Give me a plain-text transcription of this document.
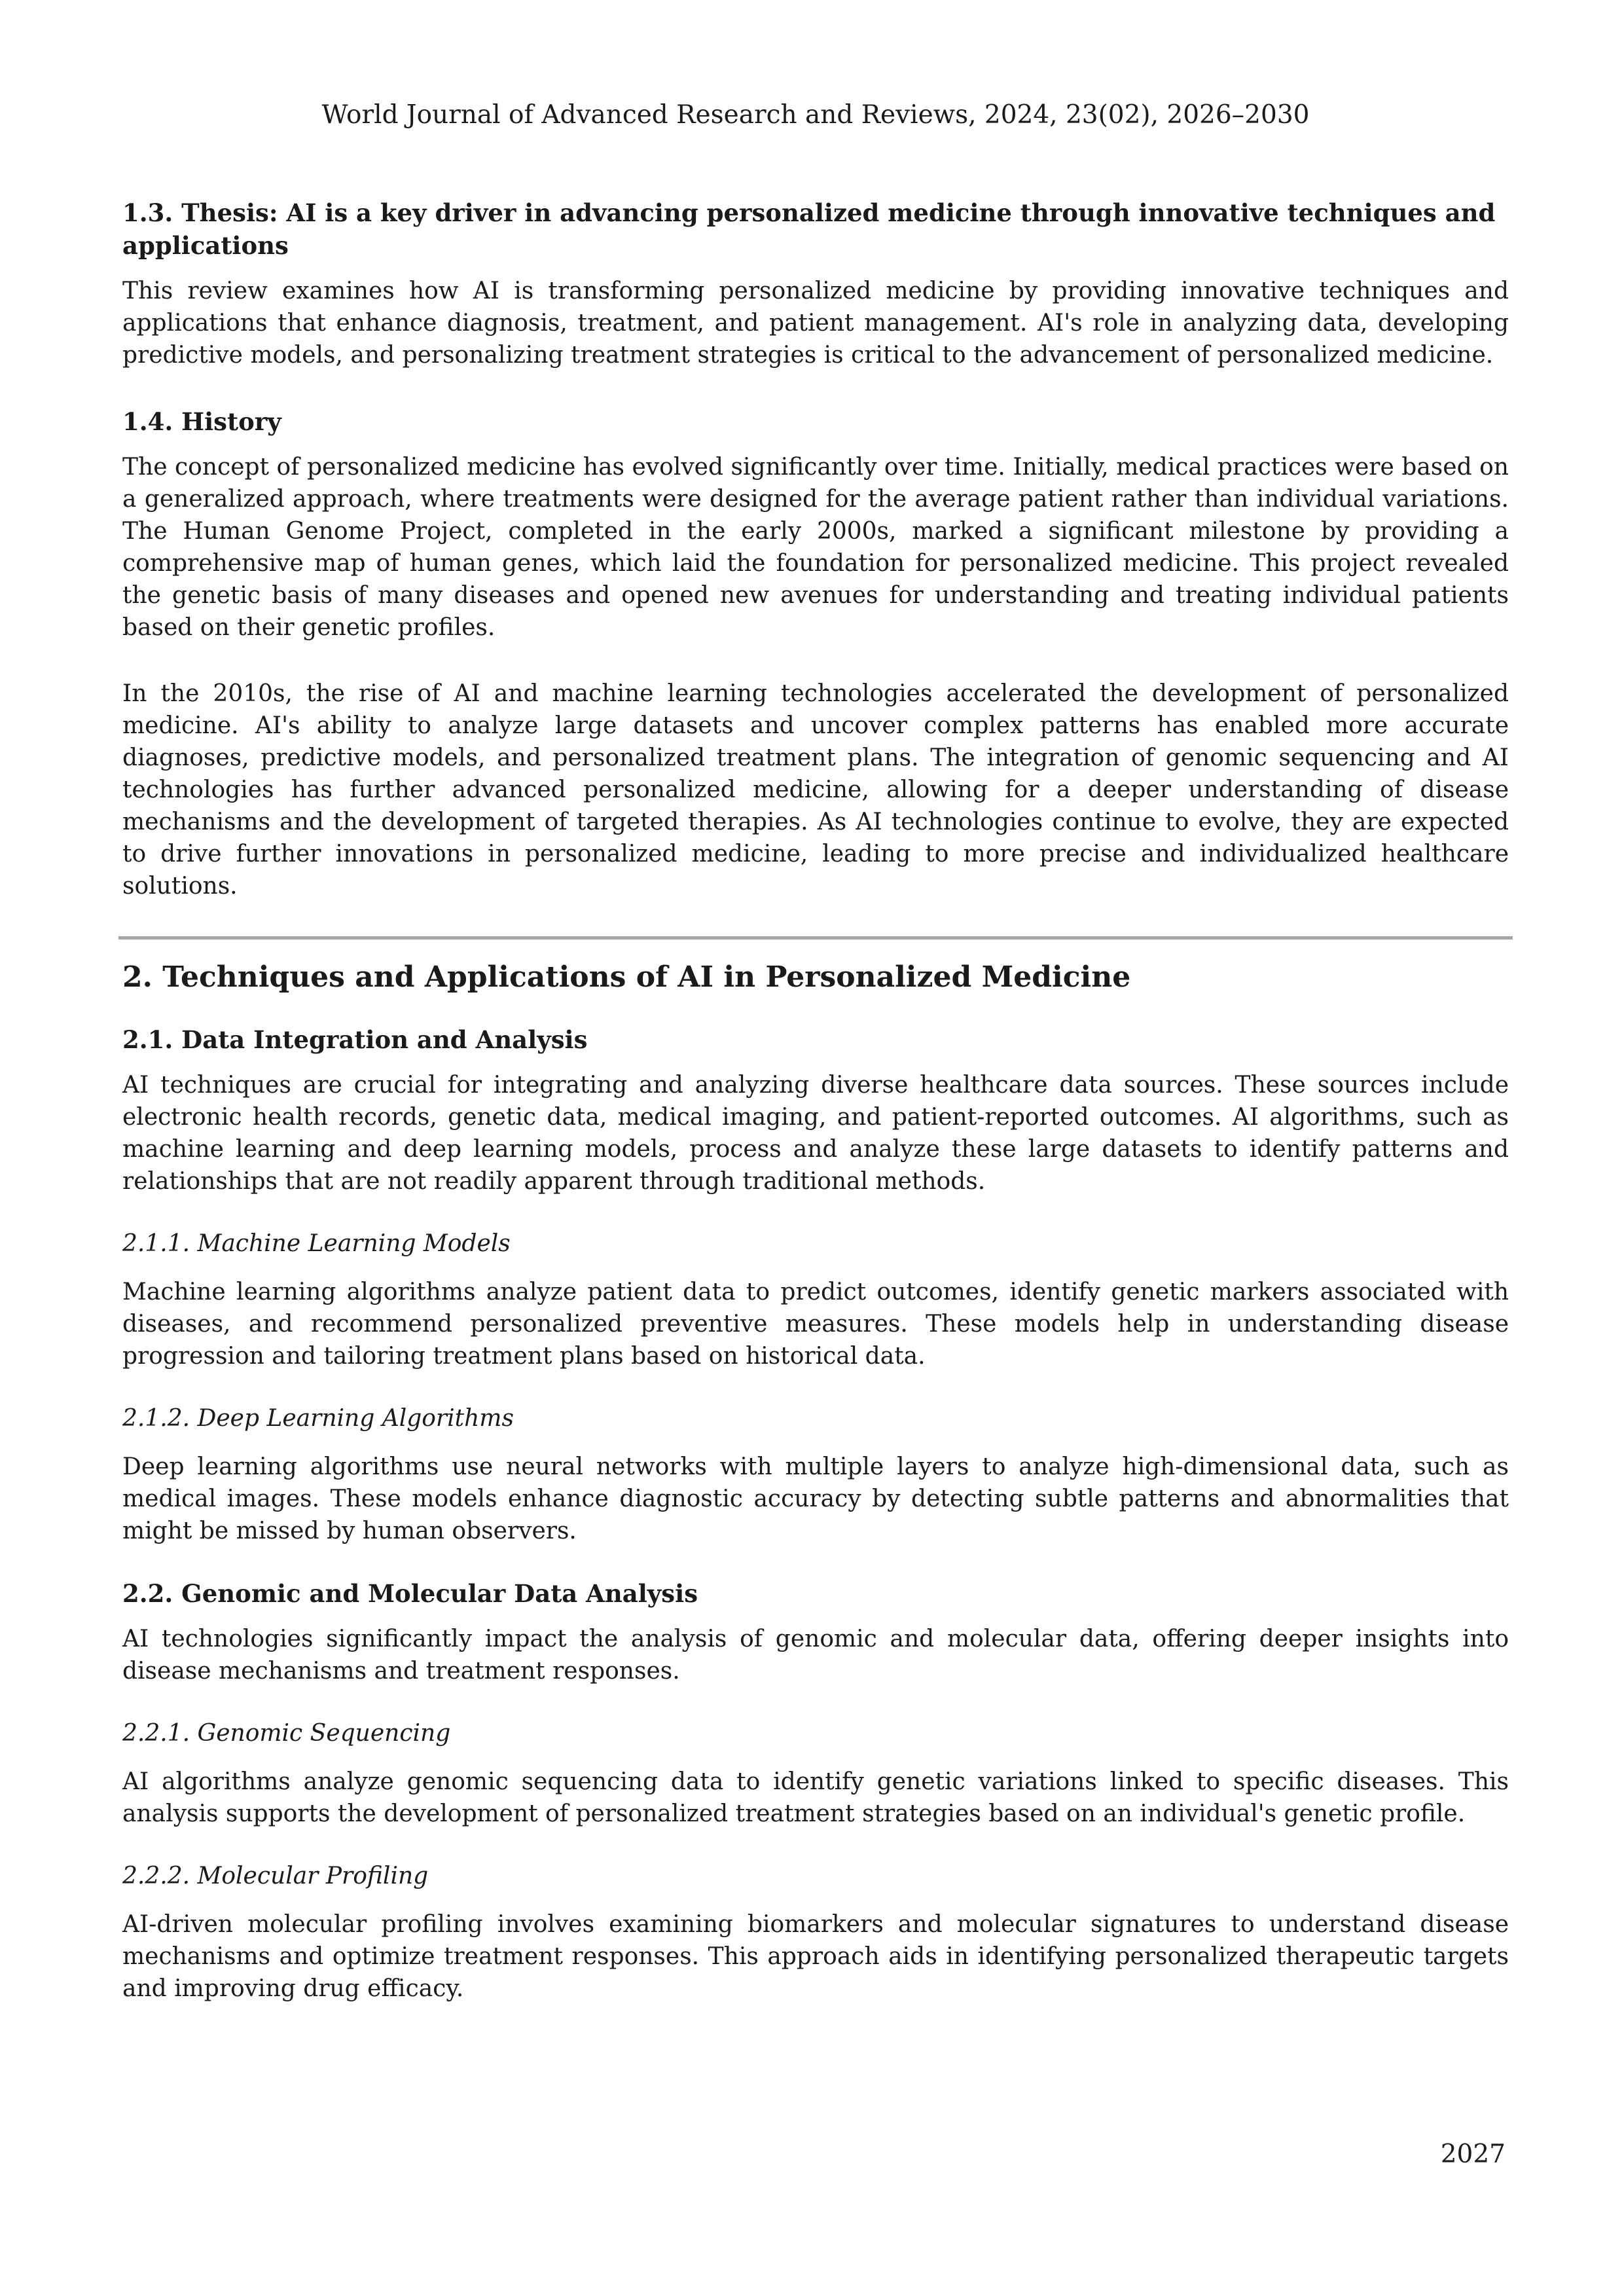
World Journal of Advanced Research and Reviews, 2024, 23(02), 2026–2030
1.3. Thesis: AI is a key driver in advancing personalized medicine through innovative techniques and applications

This review examines how AI is transforming personalized medicine by providing innovative techniques and applications that enhance diagnosis, treatment, and patient management. AI's role in analyzing data, developing predictive models, and personalizing treatment strategies is critical to the advancement of personalized medicine.

1.4. History

The concept of personalized medicine has evolved significantly over time. Initially, medical practices were based on a generalized approach, where treatments were designed for the average patient rather than individual variations. The Human Genome Project, completed in the early 2000s, marked a significant milestone by providing a comprehensive map of human genes, which laid the foundation for personalized medicine. This project revealed the genetic basis of many diseases and opened new avenues for understanding and treating individual patients based on their genetic profiles.

In the 2010s, the rise of AI and machine learning technologies accelerated the development of personalized medicine. AI's ability to analyze large datasets and uncover complex patterns has enabled more accurate diagnoses, predictive models, and personalized treatment plans. The integration of genomic sequencing and AI technologies has further advanced personalized medicine, allowing for a deeper understanding of disease mechanisms and the development of targeted therapies. As AI technologies continue to evolve, they are expected to drive further innovations in personalized medicine, leading to more precise and individualized healthcare solutions.

2. Techniques and Applications of AI in Personalized Medicine
2.1. Data Integration and Analysis

AI techniques are crucial for integrating and analyzing diverse healthcare data sources. These sources include electronic health records, genetic data, medical imaging, and patient-reported outcomes. AI algorithms, such as machine learning and deep learning models, process and analyze these large datasets to identify patterns and relationships that are not readily apparent through traditional methods.

2.1.1. Machine Learning Models

Machine learning algorithms analyze patient data to predict outcomes, identify genetic markers associated with diseases, and recommend personalized preventive measures. These models help in understanding disease progression and tailoring treatment plans based on historical data.

2.1.2. Deep Learning Algorithms

Deep learning algorithms use neural networks with multiple layers to analyze high-dimensional data, such as medical images. These models enhance diagnostic accuracy by detecting subtle patterns and abnormalities that might be missed by human observers.

2.2. Genomic and Molecular Data Analysis

AI technologies significantly impact the analysis of genomic and molecular data, offering deeper insights into disease mechanisms and treatment responses.

2.2.1. Genomic Sequencing

AI algorithms analyze genomic sequencing data to identify genetic variations linked to specific diseases. This analysis supports the development of personalized treatment strategies based on an individual's genetic profile.

2.2.2. Molecular Profiling

AI-driven molecular profiling involves examining biomarkers and molecular signatures to understand disease mechanisms and optimize treatment responses. This approach aids in identifying personalized therapeutic targets and improving drug efficacy.

2027
